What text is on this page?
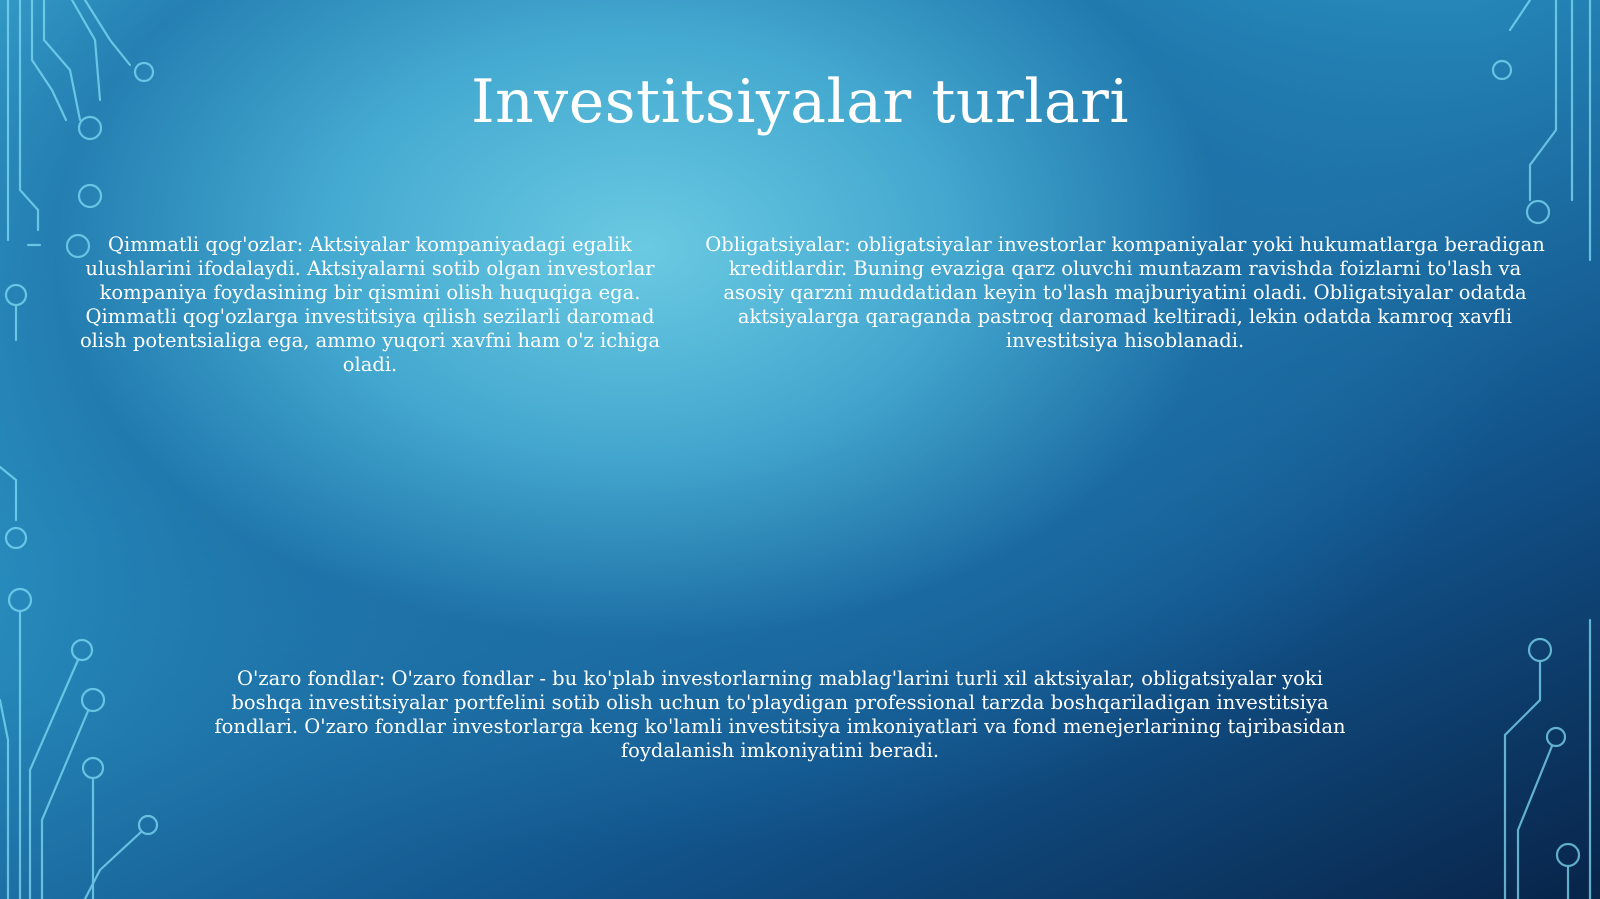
Investitsiyalar turlari

Qimmatli qog'ozlar: Aktsiyalar kompaniyadagi egalik ulushlarini ifodalaydi. Aktsiyalarni sotib olgan investorlar kompaniya foydasining bir qismini olish huquqiga ega. Qimmatli qog'ozlarga investitsiya qilish sezilarli daromad olish potentsialiga ega, ammo yuqori xavfni ham o'z ichiga oladi.

Obligatsiyalar: obligatsiyalar investorlar kompaniyalar yoki hukumatlarga beradigan kreditlardir. Buning evaziga qarz oluvchi muntazam ravishda foizlarni to'lash va asosiy qarzni muddatidan keyin to'lash majburiyatini oladi. Obligatsiyalar odatda aktsiyalarga qaraganda pastroq daromad keltiradi, lekin odatda kamroq xavfli investitsiya hisoblanadi.

O'zaro fondlar: O'zaro fondlar - bu ko'plab investorlarning mablag'larini turli xil aktsiyalar, obligatsiyalar yoki boshqa investitsiyalar portfelini sotib olish uchun to'playdigan professional tarzda boshqariladigan investitsiya fondlari. O'zaro fondlar investorlarga keng ko'lamli investitsiya imkoniyatlari va fond menejerlarining tajribasidan foydalanish imkoniyatini beradi.
